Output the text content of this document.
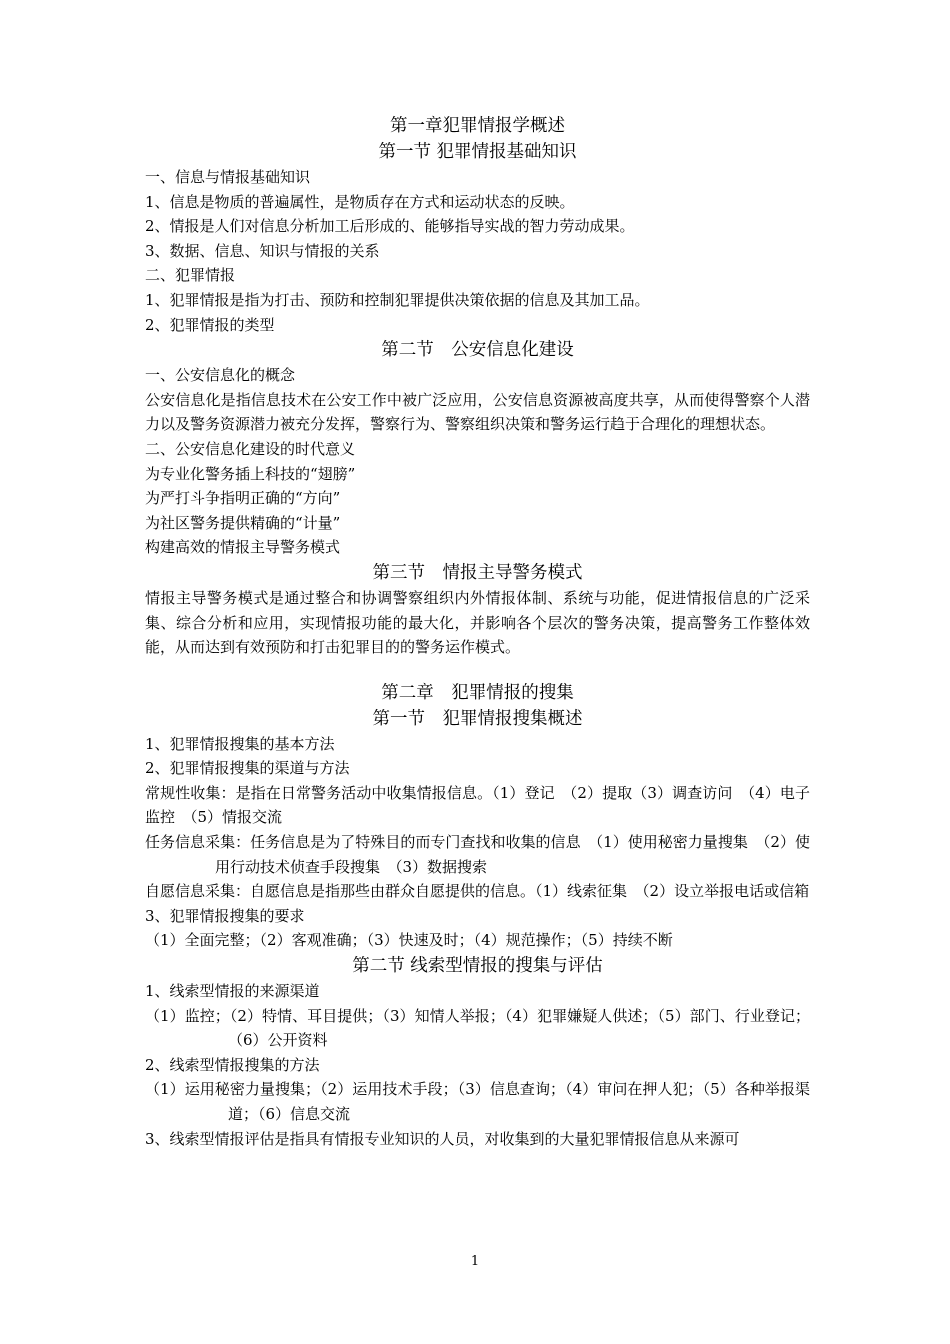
第一章犯罪情报学概述

第一节 犯罪情报基础知识

一、信息与情报基础知识

1、信息是物质的普遍属性，是物质存在方式和运动状态的反映。

2、情报是人们对信息分析加工后形成的、能够指导实战的智力劳动成果。

3、数据、信息、知识与情报的关系

二、犯罪情报

1、犯罪情报是指为打击、预防和控制犯罪提供决策依据的信息及其加工品。

2、犯罪情报的类型

第二节　公安信息化建设

一、公安信息化的概念

公安信息化是指信息技术在公安工作中被广泛应用，公安信息资源被高度共享，从而使得警察个人潜力以及警务资源潜力被充分发挥，警察行为、警察组织决策和警务运行趋于合理化的理想状态。

二、公安信息化建设的时代意义

为专业化警务插上科技的“翅膀”

为严打斗争指明正确的“方向”

为社区警务提供精确的“计量”

构建高效的情报主导警务模式

第三节　情报主导警务模式

情报主导警务模式是通过整合和协调警察组织内外情报体制、系统与功能，促进情报信息的广泛采集、综合分析和应用，实现情报功能的最大化，并影响各个层次的警务决策，提高警务工作整体效能，从而达到有效预防和打击犯罪目的的警务运作模式。

第二章　犯罪情报的搜集

第一节　犯罪情报搜集概述

1、犯罪情报搜集的基本方法

2、犯罪情报搜集的渠道与方法

常规性收集：是指在日常警务活动中收集情报信息。（1）登记　（2）提取（3）调查访问　（4）电子监控　（5）情报交流

任务信息采集：任务信息是为了特殊目的而专门查找和收集的信息　（1）使用秘密力量搜集　（2）使用行动技术侦查手段搜集　（3）数据搜索

自愿信息采集：自愿信息是指那些由群众自愿提供的信息。（1）线索征集　（2）设立举报电话或信箱

3、犯罪情报搜集的要求

（1）全面完整；（2）客观准确；（3）快速及时；（4）规范操作；（5）持续不断

第二节 线索型情报的搜集与评估

1、线索型情报的来源渠道

（1）监控；（2）特情、耳目提供；（3）知情人举报；（4）犯罪嫌疑人供述；（5）部门、行业登记；（6）公开资料

2、线索型情报搜集的方法

（1）运用秘密力量搜集；（2）运用技术手段；（3）信息查询；（4）审问在押人犯；（5）各种举报渠道；（6）信息交流

3、线索型情报评估是指具有情报专业知识的人员，对收集到的大量犯罪情报信息从来源可

1
